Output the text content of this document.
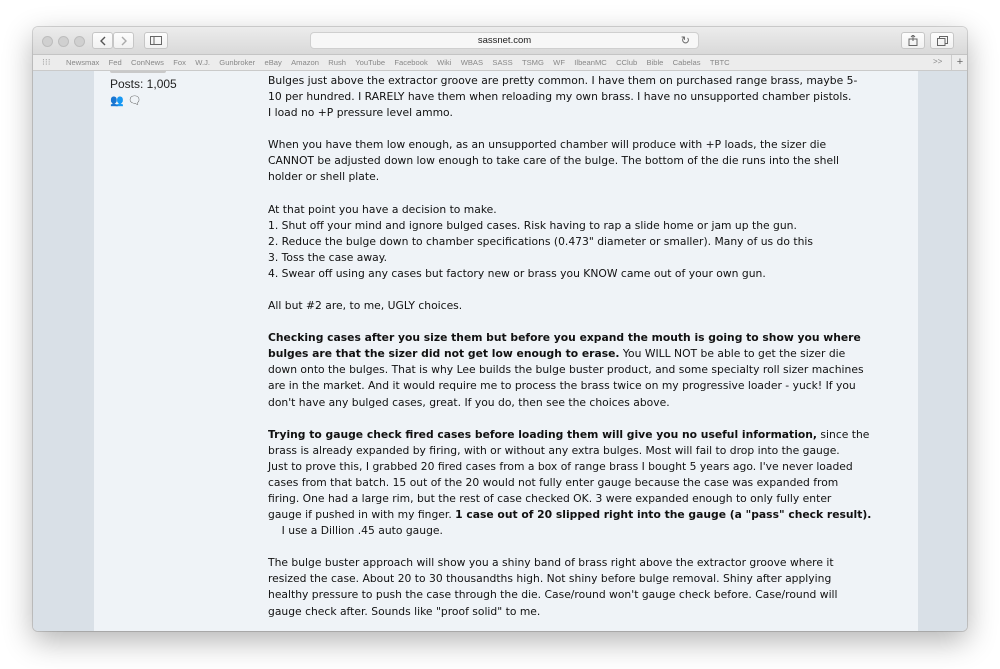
sassnet.com	↻
⁝⁝⁝ Newsmax Fed ConNews Fox W.J. Gunbroker eBay Amazon Rush YouTube Facebook Wiki WBAS SASS TSMG WF IlbeanMC CClub Bible Cabelas TBTC	>>	+
Posts: 1,005
👥 🗨

Bulges just above the extractor groove are pretty common. I have them on purchased range brass, maybe 5-
10 per hundred. I RARELY have them when reloading my own brass. I have no unsupported chamber pistols.
I load no +P pressure level ammo.

When you have them low enough, as an unsupported chamber will produce with +P loads, the sizer die
CANNOT be adjusted down low enough to take care of the bulge. The bottom of the die runs into the shell
holder or shell plate.

At that point you have a decision to make.
1. Shut off your mind and ignore bulged cases. Risk having to rap a slide home or jam up the gun.
2. Reduce the bulge down to chamber specifications (0.473" diameter or smaller). Many of us do this
3. Toss the case away.
4. Swear off using any cases but factory new or brass you KNOW came out of your own gun.

All but #2 are, to me, UGLY choices.

Checking cases after you size them but before you expand the mouth is going to show you where
bulges are that the sizer did not get low enough to erase. You WILL NOT be able to get the sizer die
down onto the bulges. That is why Lee builds the bulge buster product, and some specialty roll sizer machines
are in the market. And it would require me to process the brass twice on my progressive loader - yuck! If you
don't have any bulged cases, great. If you do, then see the choices above.

Trying to gauge check fired cases before loading them will give you no useful information, since the
brass is already expanded by firing, with or without any extra bulges. Most will fail to drop into the gauge.
Just to prove this, I grabbed 20 fired cases from a box of range brass I bought 5 years ago. I've never loaded
cases from that batch. 15 out of the 20 would not fully enter gauge because the case was expanded from
firing. One had a large rim, but the rest of case checked OK. 3 were expanded enough to only fully enter
gauge if pushed in with my finger. 1 case out of 20 slipped right into the gauge (a "pass" check result).
I use a Dillion .45 auto gauge.

The bulge buster approach will show you a shiny band of brass right above the extractor groove where it
resized the case. About 20 to 30 thousandths high. Not shiny before bulge removal. Shiny after applying
healthy pressure to push the case through the die. Case/round won't gauge check before. Case/round will
gauge check after. Sounds like "proof solid" to me.
